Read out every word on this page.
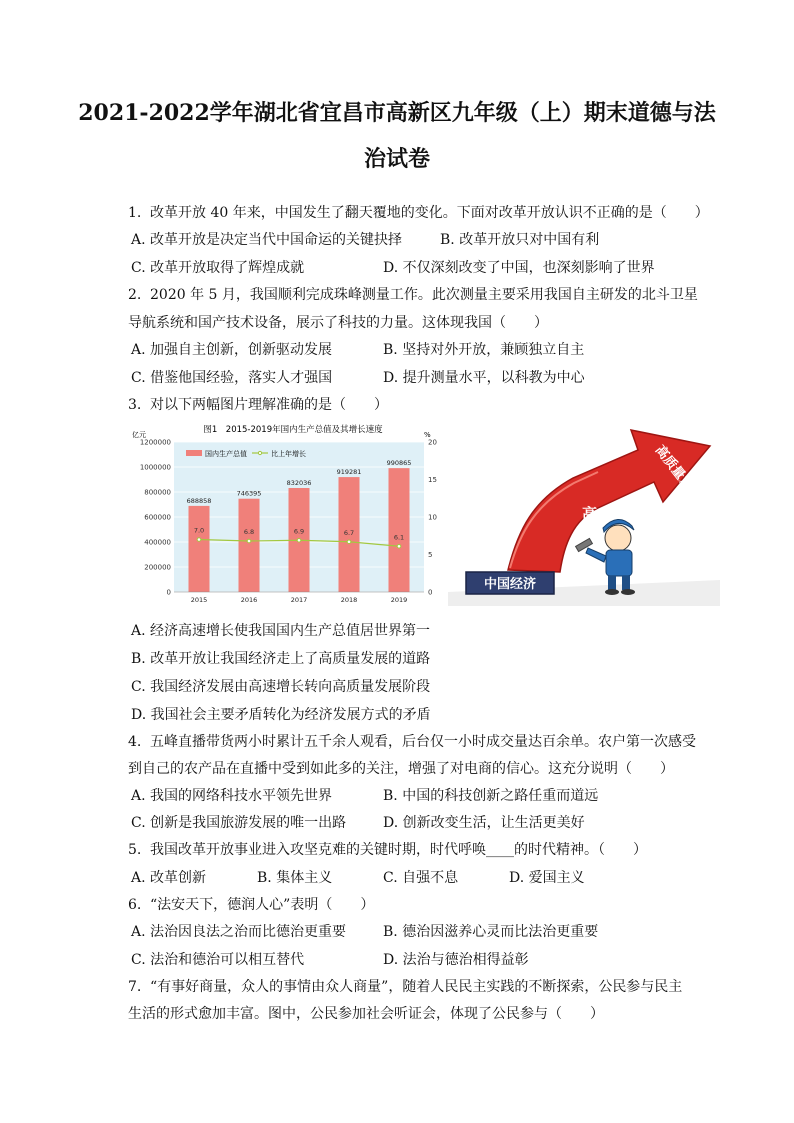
2021-2022学年湖北省宜昌市高新区九年级（上）期末道德与法
治试卷
1. 改革开放 40 年来，中国发生了翻天覆地的变化。下面对改革开放认识不正确的是（　　）
A. 改革开放是决定当代中国命运的关键抉择	B. 改革开放只对中国有利
C. 改革开放取得了辉煌成就	D. 不仅深刻改变了中国，也深刻影响了世界
2. 2020 年 5 月，我国顺利完成珠峰测量工作。此次测量主要采用我国自主研发的北斗卫星
导航系统和国产技术设备，展示了科技的力量。这体现我国（　　）
A. 加强自主创新，创新驱动发展	B. 坚持对外开放，兼顾独立自主
C. 借鉴他国经验，落实人才强国	D. 提升测量水平，以科教为中心
3. 对以下两幅图片理解准确的是（　　）
图1　2015-2019年国内生产总值及其增长速度
亿元	%
国内生产总值	比上年增长
0
200000
400000
600000
800000
1000000
1200000
0
5
10
15
20
688858
2015
746395
2016
832036
2017
919281
2018
990865
2019
7.0	6.8	6.9	6.7
6.1
高速增长
高质量发展
中国经济
A. 经济高速增长使我国国内生产总值居世界第一
B. 改革开放让我国经济走上了高质量发展的道路
C. 我国经济发展由高速增长转向高质量发展阶段
D. 我国社会主要矛盾转化为经济发展方式的矛盾
4. 五峰直播带货两小时累计五千余人观看，后台仅一小时成交量达百余单。农户第一次感受
到自己的农产品在直播中受到如此多的关注，增强了对电商的信心。这充分说明（　　）
A. 我国的网络科技水平领先世界	B. 中国的科技创新之路任重而道远
C. 创新是我国旅游发展的唯一出路	D. 创新改变生活，让生活更美好
5. 我国改革开放事业进入攻坚克难的关键时期，时代呼唤____的时代精神。（　　）
A. 改革创新	B. 集体主义	C. 自强不息	D. 爱国主义
6. “法安天下，德润人心”表明（　　）
A. 法治因良法之治而比德治更重要	B. 德治因滋养心灵而比法治更重要
C. 法治和德治可以相互替代	D. 法治与德治相得益彰
7. “有事好商量，众人的事情由众人商量”，随着人民民主实践的不断探索，公民参与民主
生活的形式愈加丰富。图中，公民参加社会听证会，体现了公民参与（　　）
